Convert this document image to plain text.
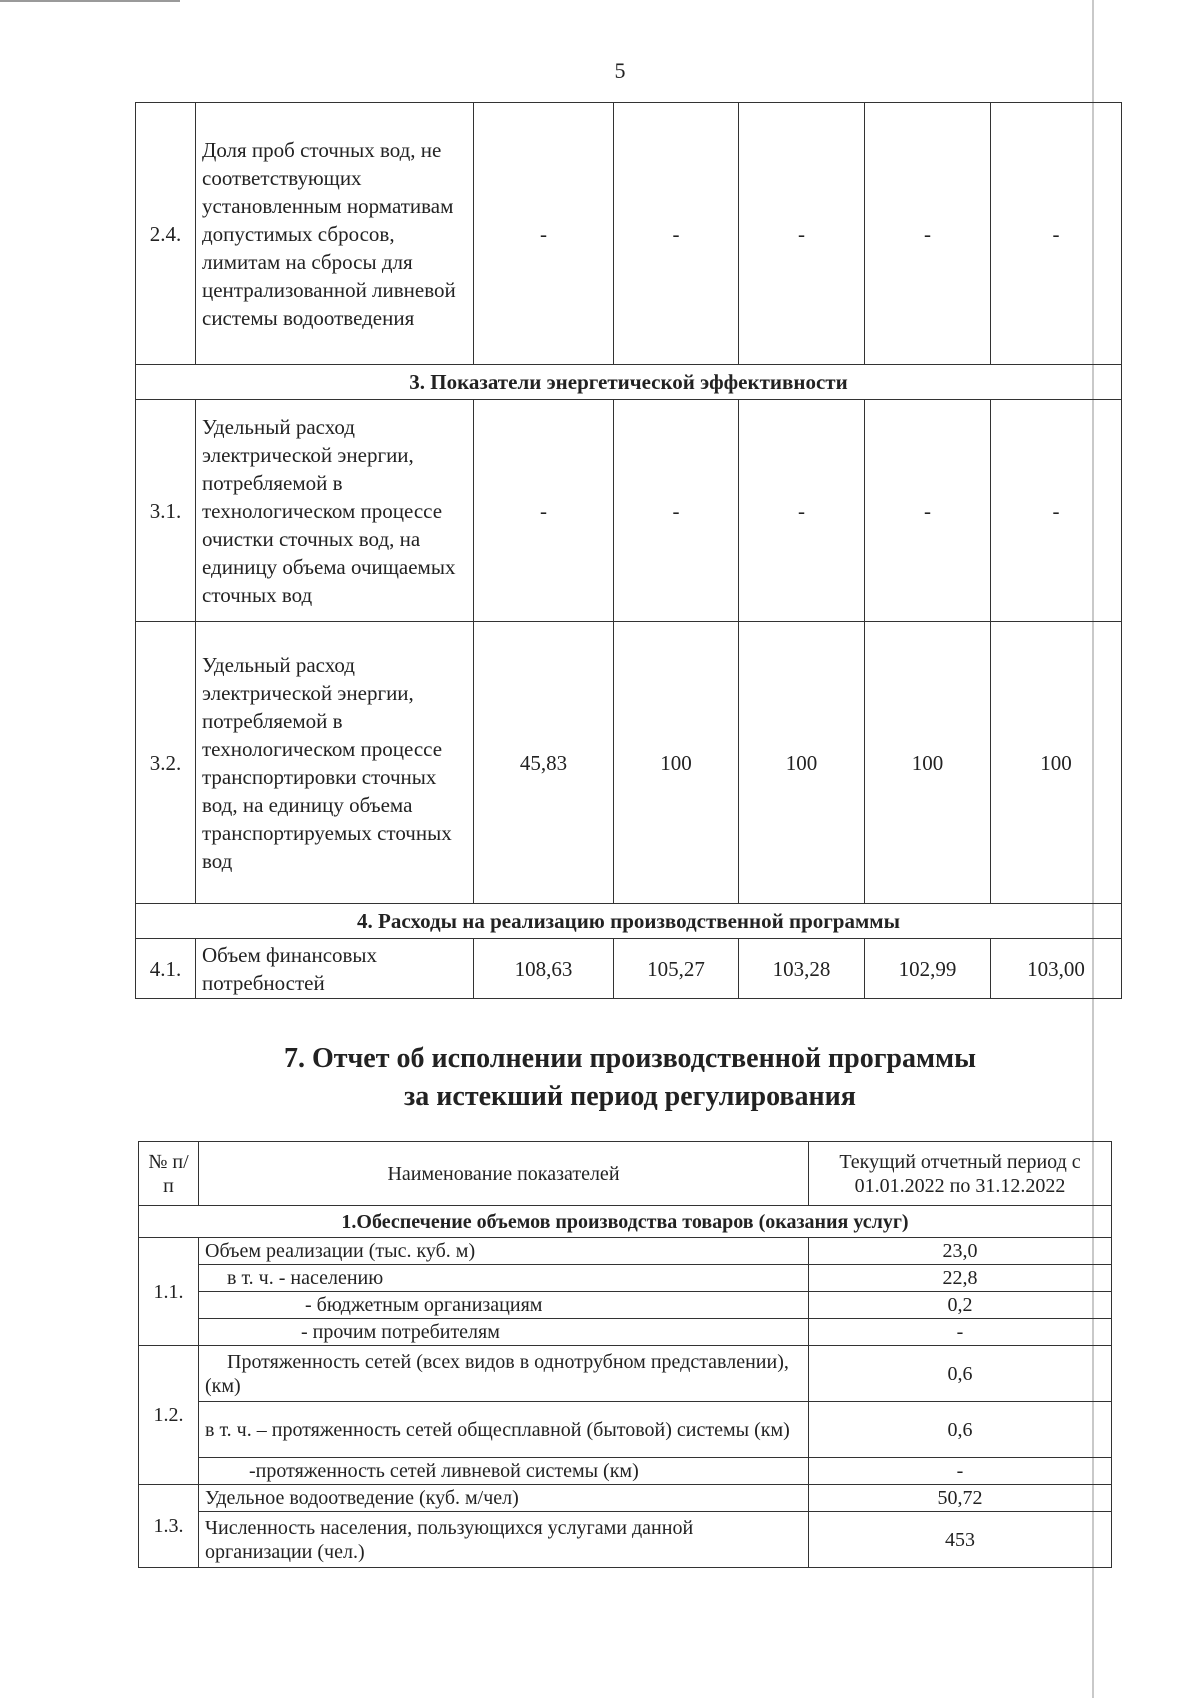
5
2.4.	Доля проб сточных вод, не соответствующих установленным нормативам допустимых сбросов, лимитам на сбросы для централизованной ливневой системы водоотведения	-	-	-	-	-
3. Показатели энергетической эффективности						
3.1.	Удельный расход электрической энергии, потребляемой в технологическом процессе очистки сточных вод, на единицу объема очищаемых сточных вод	-	-	-	-	-
3.2.	Удельный расход электрической энергии, потребляемой в технологическом процессе транспортировки сточных вод, на единицу объема транспортируемых сточных вод	45,83	100	100	100	100
4. Расходы на реализацию производственной программы						
4.1.	Объем финансовых потребностей	108,63	105,27	103,28	102,99	103,00
7. Отчет об исполнении производственной программы
за истекший период регулирования
№ п/п	Наименование показателей	Текущий отчетный период с 01.01.2022 по 31.12.2022
1.Обеспечение объемов производства товаров (оказания услуг)		
1.1.	Объем реализации (тыс. куб. м)	23,0
	в т. ч. - населению	22,8
	- бюджетным организациям	0,2
	- прочим потребителям	-
1.2.	Протяженность сетей (всех видов в однотрубном представлении), (км)	0,6
	в т. ч. – протяженность сетей общесплавной (бытовой) системы (км)	0,6
	-протяженность сетей ливневой системы (км)	-
1.3.	Удельное водоотведение (куб. м/чел)	50,72
	Численность населения, пользующихся услугами данной организации (чел.)	453
